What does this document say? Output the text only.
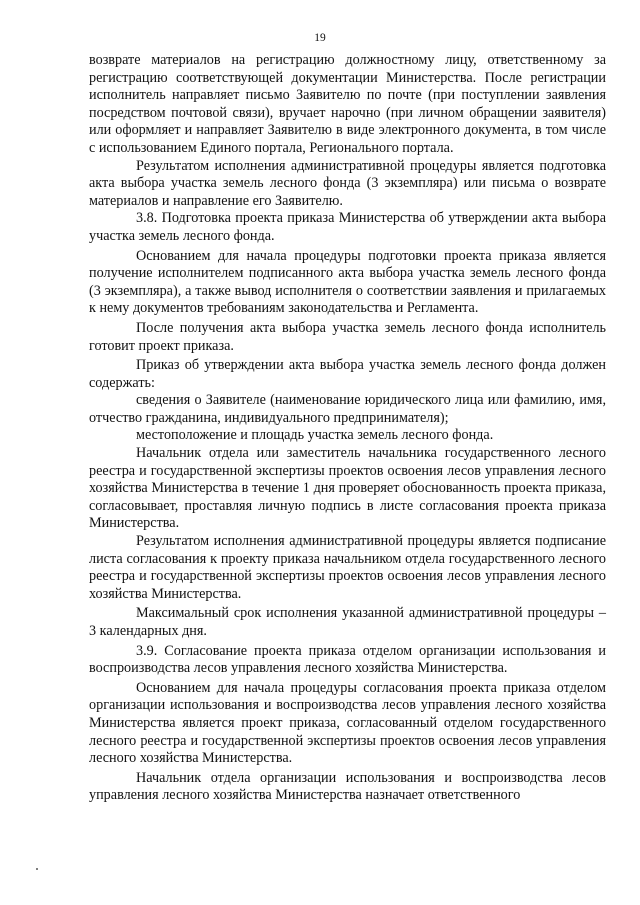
19

возврате материалов на регистрацию должностному лицу, ответственному за регистрацию соответствующей документации Министерства. После регистрации исполнитель направляет письмо Заявителю по почте (при поступлении заявления посредством почтовой связи), вручает нарочно (при личном обращении заявителя) или оформляет и направляет Заявителю в виде электронного документа, в том числе с использованием Единого портала, Регионального портала.

Результатом исполнения административной процедуры является подготовка акта выбора участка земель лесного фонда (3 экземпляра) или письма о возврате материалов и направление его Заявителю.

3.8. Подготовка проекта приказа Министерства об утверждении акта выбора участка земель лесного фонда.

Основанием для начала процедуры подготовки проекта приказа является получение исполнителем подписанного акта выбора участка земель лесного фонда (3 экземпляра), а также вывод исполнителя о соответствии заявления и прилагаемых к нему документов требованиям законодательства и Регламента.

После получения акта выбора участка земель лесного фонда исполнитель готовит проект приказа.

Приказ об утверждении акта выбора участка земель лесного фонда должен содержать:

сведения о Заявителе (наименование юридического лица или фамилию, имя, отчество гражданина, индивидуального предпринимателя);

местоположение и площадь участка земель лесного фонда.

Начальник отдела или заместитель начальника государственного лесного реестра и государственной экспертизы проектов освоения лесов управления лесного хозяйства Министерства в течение 1 дня проверяет обоснованность проекта приказа, согласовывает, проставляя личную подпись в листе согласования проекта приказа Министерства.

Результатом исполнения административной процедуры является подписание листа согласования к проекту приказа начальником отдела государственного лесного реестра и государственной экспертизы проектов освоения лесов управления лесного хозяйства Министерства.

Максимальный срок исполнения указанной административной процедуры – 3 календарных дня.

3.9. Согласование проекта приказа отделом организации использования и воспроизводства лесов управления лесного хозяйства Министерства.

Основанием для начала процедуры согласования проекта приказа отделом организации использования и воспроизводства лесов управления лесного хозяйства Министерства является проект приказа, согласованный отделом государственного лесного реестра и государственной экспертизы проектов освоения лесов управления лесного хозяйства Министерства.

Начальник отдела организации использования и воспроизводства лесов управления лесного хозяйства Министерства назначает ответственного
